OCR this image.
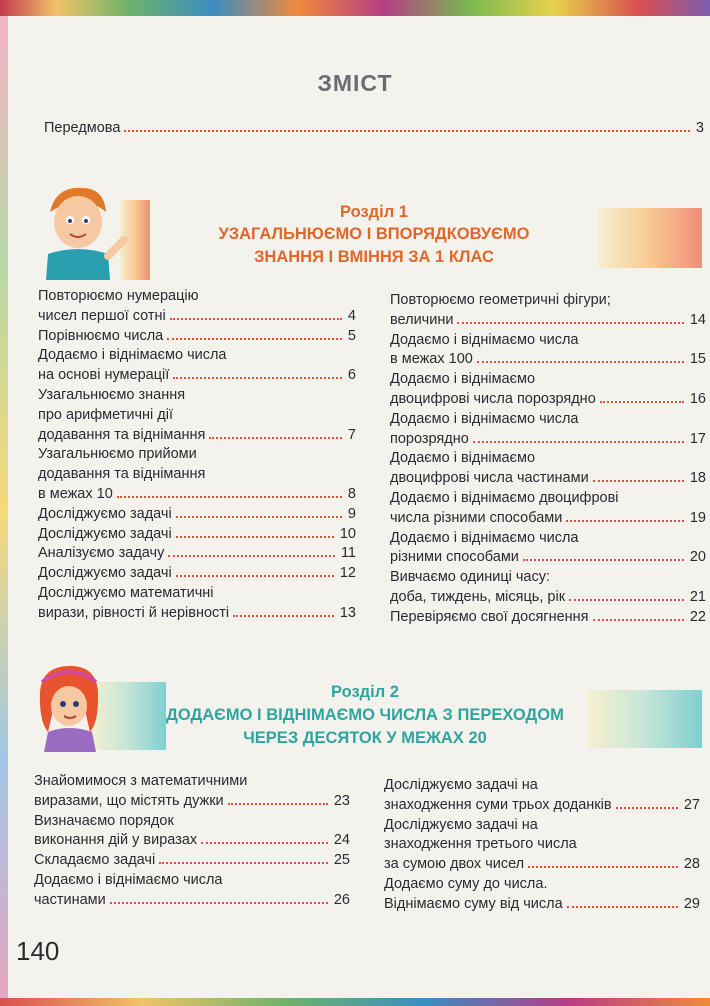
ЗМІСТ
Передмова	3
Розділ 1
УЗАГАЛЬНЮЄМО І ВПОРЯДКОВУЄМО
ЗНАННЯ І ВМІННЯ ЗА 1 КЛАС
Повторюємо нумерацію
чисел першої сотні	4
Порівнюємо числа	5
Додаємо і віднімаємо числа
на основі нумерації	6
Узагальнюємо знання
про арифметичні дії
додавання та віднімання	7
Узагальнюємо прийоми
додавання та віднімання
в межах 10	8
Досліджуємо задачі	9
Досліджуємо задачі	10
Аналізуємо задачу	11
Досліджуємо задачі	12
Досліджуємо математичні
вирази, рівності й нерівності	13
Повторюємо геометричні фігури;
величини	14
Додаємо і віднімаємо числа
в межах 100	15
Додаємо і віднімаємо
двоцифрові числа порозрядно	16
Додаємо і віднімаємо числа
порозрядно	17
Додаємо і віднімаємо
двоцифрові числа частинами	18
Додаємо і віднімаємо двоцифрові
числа різними способами	19
Додаємо і віднімаємо числа
різними способами	20
Вивчаємо одиниці часу:
доба, тиждень, місяць, рік	21
Перевіряємо свої досягнення	22
Розділ 2
ДОДАЄМО І ВІДНІМАЄМО ЧИСЛА З ПЕРЕХОДОМ
ЧЕРЕЗ ДЕСЯТОК У МЕЖАХ 20
Знайомимося з математичними
виразами, що містять дужки	23
Визначаємо порядок
виконання дій у виразах	24
Складаємо задачі	25
Додаємо і віднімаємо числа
частинами	26
Досліджуємо задачі на
знаходження суми трьох доданків	27
Досліджуємо задачі на
знаходження третього числа
за сумою двох чисел	28
Додаємо суму до числа.
Віднімаємо суму від числа	29
140
